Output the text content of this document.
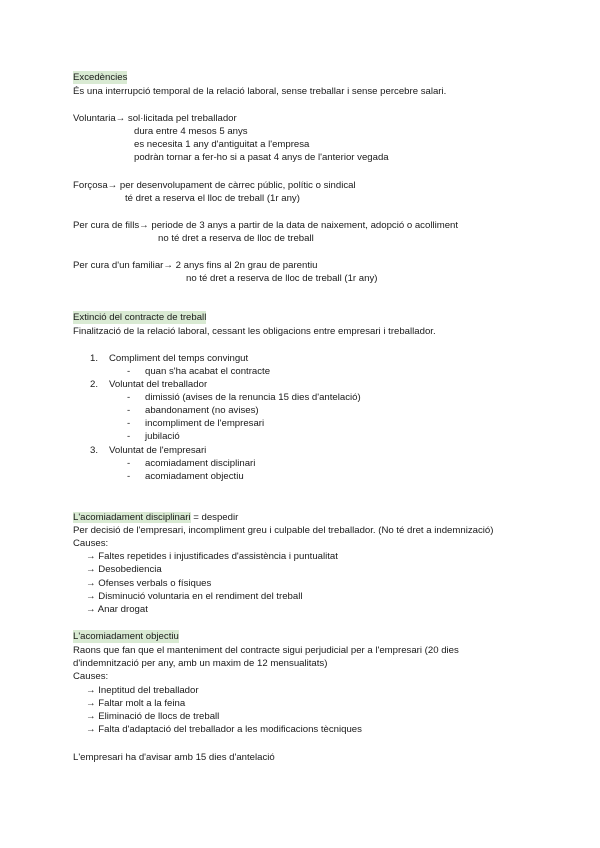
Excedències
És una interrupció temporal de la relació laboral, sense treballar i sense percebre salari.
Voluntaria→ sol·licitada pel treballador
dura entre 4 mesos 5 anys
es necesita 1 any d'antiguitat a l'empresa
podràn tornar a fer-ho si a pasat 4 anys de l'anterior vegada
Forçosa→ per desenvolupament de càrrec públic, polític o sindical
té dret a reserva el lloc de treball (1r any)
Per cura de fills→ periode de 3 anys a partir de la data de naixement, adopció o acolliment
no té dret a reserva de lloc de treball
Per cura d'un familiar→ 2 anys fins al 2n grau de parentiu
no té dret a reserva de lloc de treball (1r any)
Extinció del contracte de treball
Finalització de la relació laboral, cessant les obligacions entre empresari i treballador.
1. Compliment del temps convingut
- quan s'ha acabat el contracte
2. Voluntat del treballador
- dimissió (avises de la renuncia 15 dies d'antelació)
- abandonament (no avises)
- incompliment de l'empresari
- jubilació
3. Voluntat de l'empresari
- acomiadament disciplinari
- acomiadament objectiu
L'acomiadament disciplinari = despedir
Per decisió de l'empresari, incompliment greu i culpable del treballador. (No té dret a indemnizació)
Causes:
→ Faltes repetides i injustificades d'assistència i puntualitat
→ Desobediencia
→ Ofenses verbals o físiques
→ Disminució voluntaria en el rendiment del treball
→ Anar drogat
L'acomiadament objectiu
Raons que fan que el manteniment del contracte sigui perjudicial per a l'empresari (20 dies
d'indemnització per any, amb un maxim de 12 mensualitats)
Causes:
→ Ineptitud del treballador
→ Faltar molt a la feina
→ Eliminació de llocs de treball
→ Falta d'adaptació del treballador a les modificacions tècniques
L'empresari ha d'avisar amb 15 dies d'antelació
